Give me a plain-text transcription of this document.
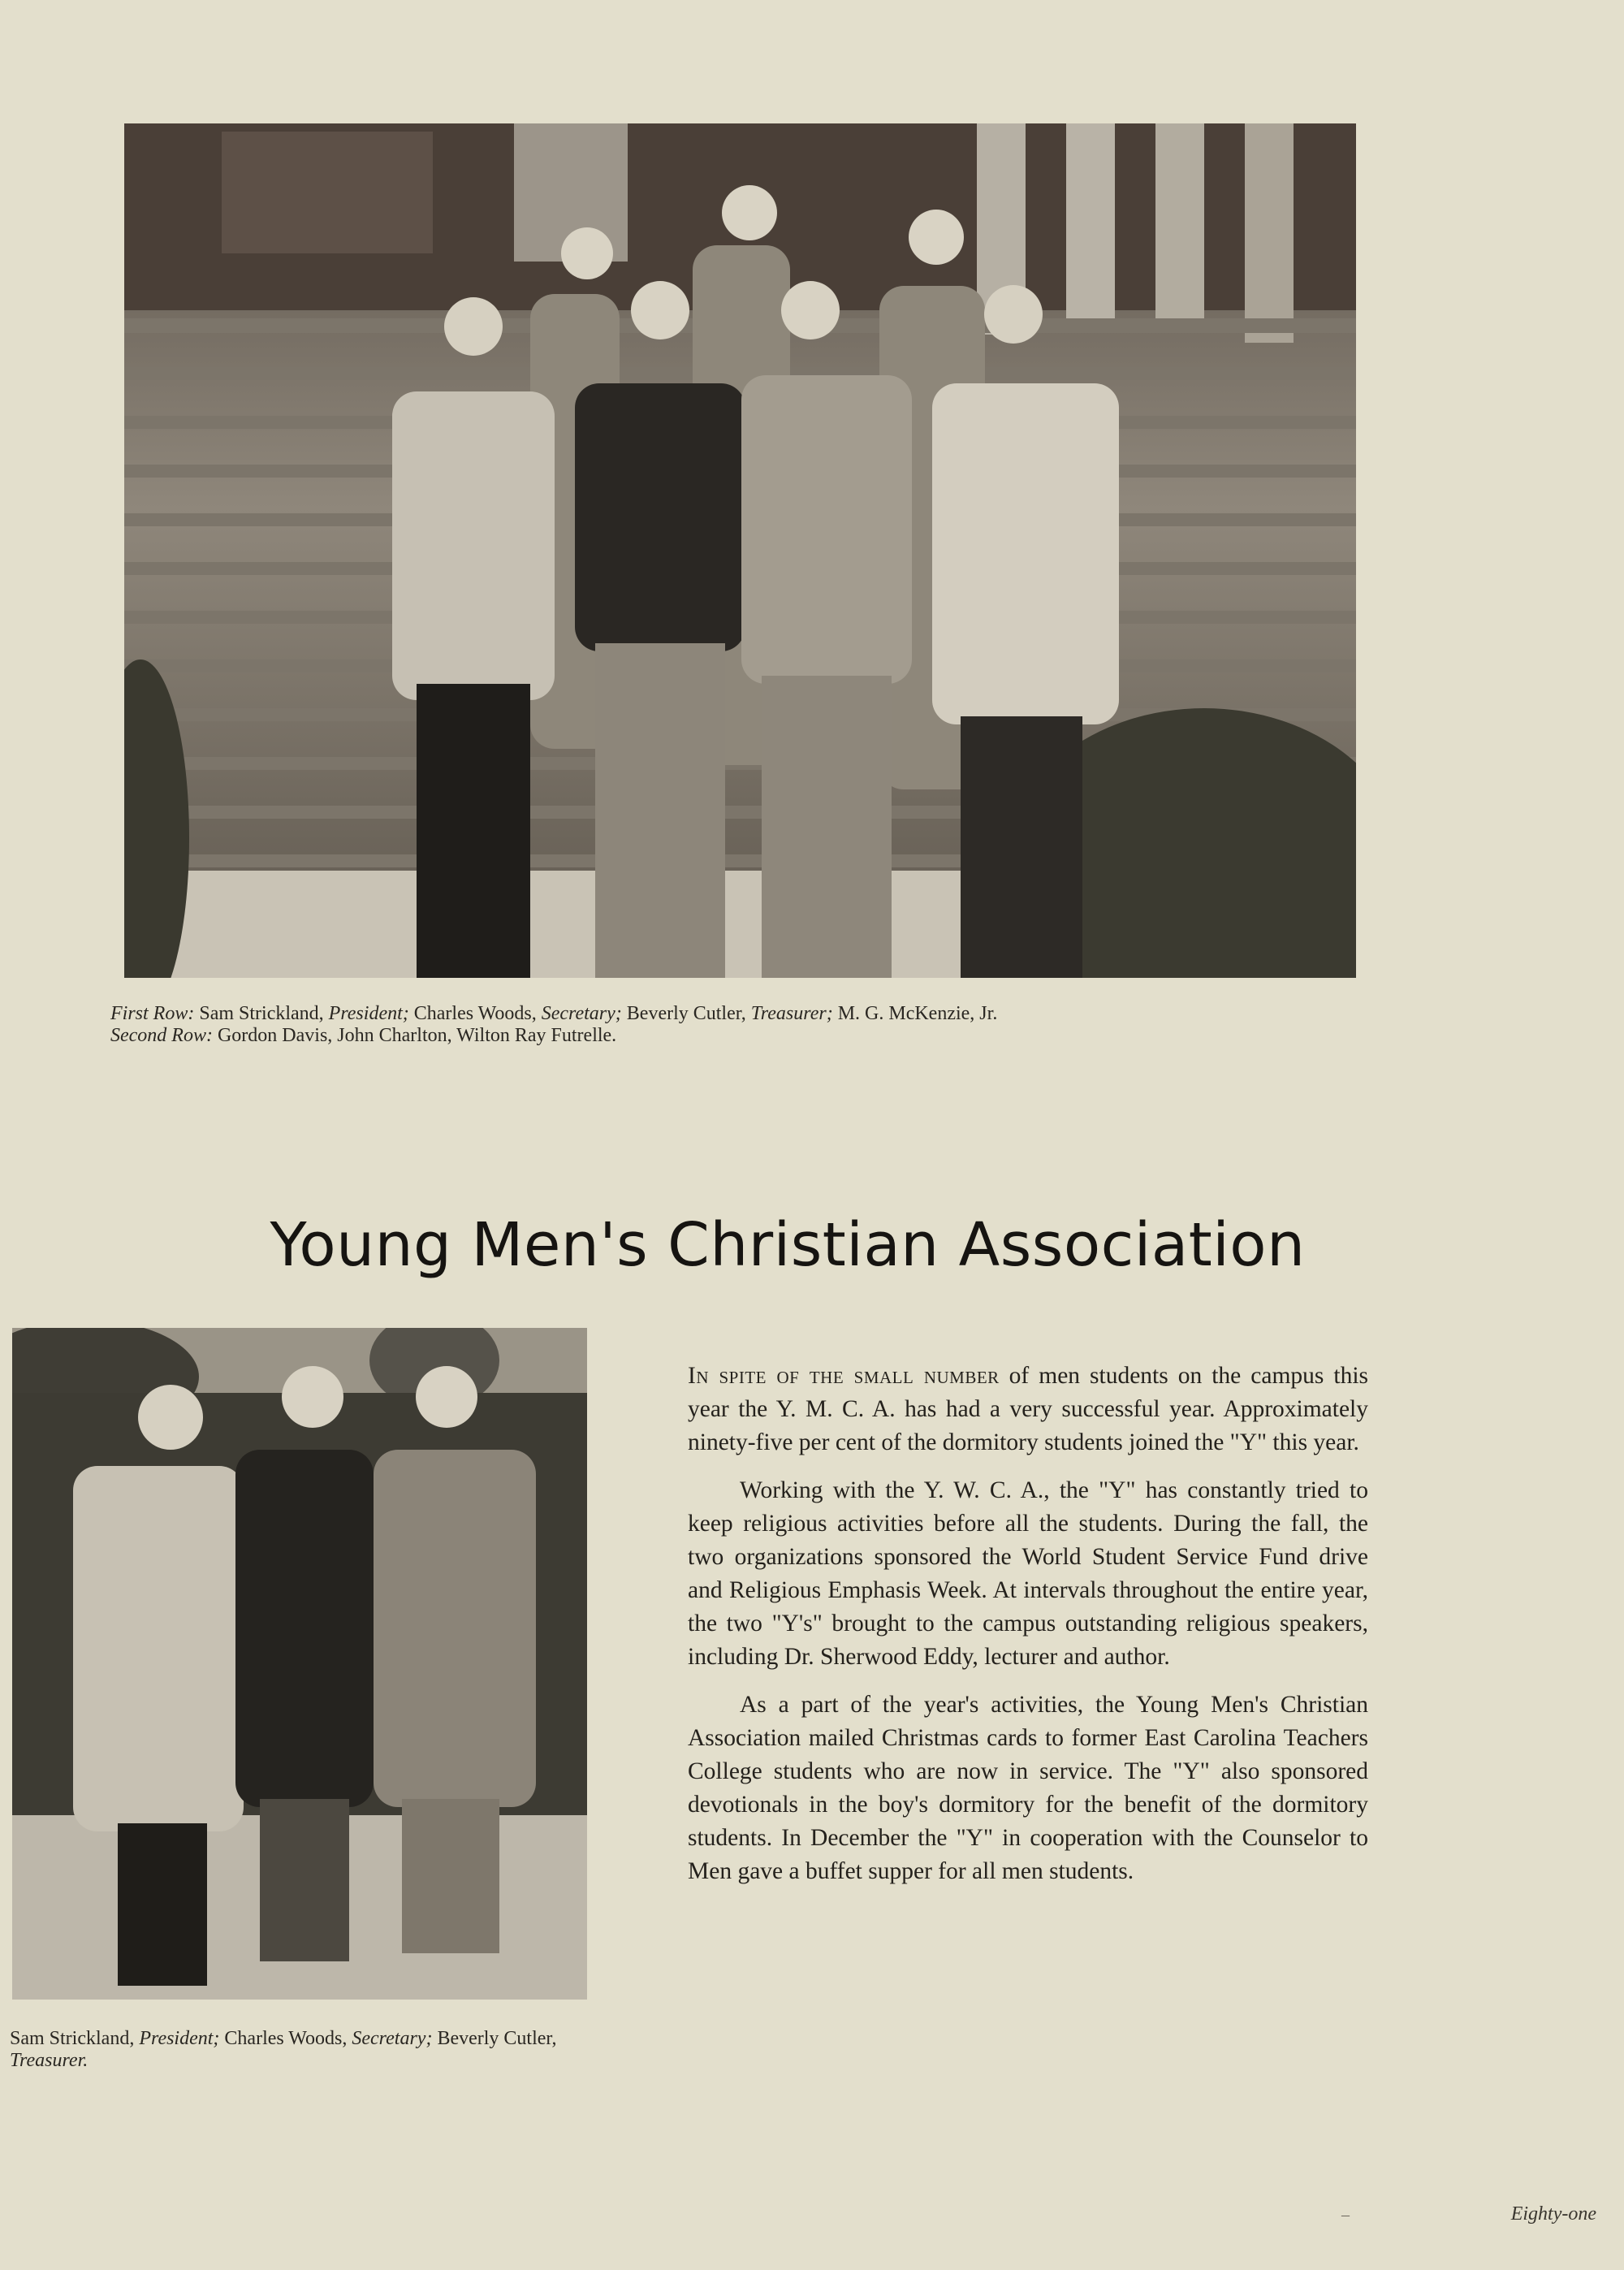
First Row: Sam Strickland, President; Charles Woods, Secretary; Beverly Cutler, Treasurer; M. G. McKenzie, Jr.
Second Row: Gordon Davis, John Charlton, Wilton Ray Futrelle.
Young Men's Christian Association
Sam Strickland, President; Charles Woods, Secretary; Beverly Cutler, Treasurer.

In spite of the small number of men students on the campus this year the Y. M. C. A. has had a very successful year. Approximately ninety-five per cent of the dormitory students joined the "Y" this year.

Working with the Y. W. C. A., the "Y" has constantly tried to keep religious activities before all the students. During the fall, the two organizations sponsored the World Student Service Fund drive and Religious Emphasis Week. At intervals throughout the entire year, the two "Y's" brought to the campus outstanding religious speakers, including Dr. Sherwood Eddy, lecturer and author.

As a part of the year's activities, the Young Men's Christian Association mailed Christmas cards to former East Carolina Teachers College students who are now in service. The "Y" also sponsored devotionals in the boy's dormitory for the benefit of the dormitory students. In December the "Y" in cooperation with the Counselor to Men gave a buffet supper for all men students.

–	Eighty-one
